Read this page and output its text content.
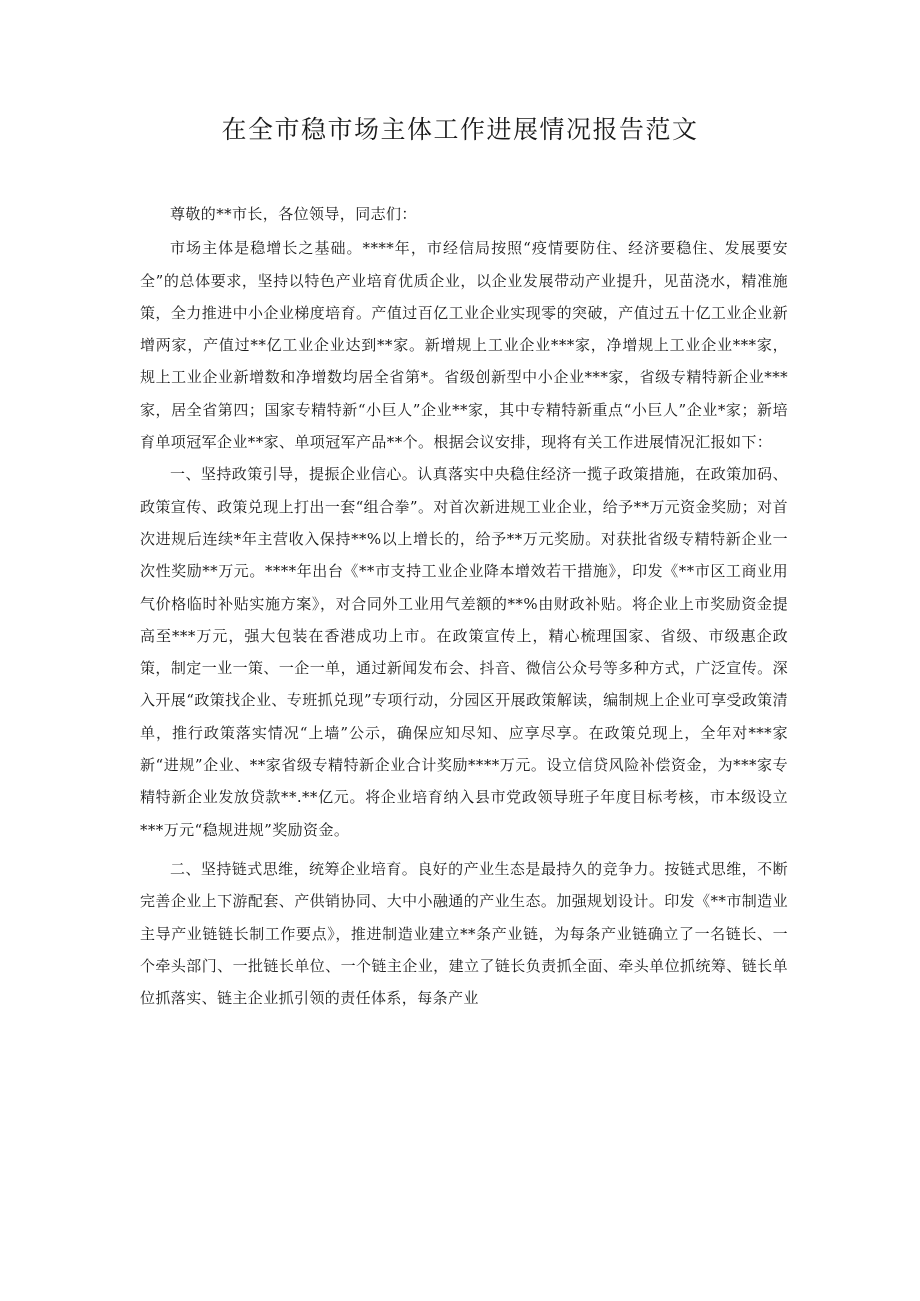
在全市稳市场主体工作进展情况报告范文

尊敬的**市长，各位领导，同志们：

市场主体是稳增长之基础。****年，市经信局按照“疫情要防住、经济要稳住、发展要安全”的总体要求，坚持以特色产业培育优质企业，以企业发展带动产业提升，见苗浇水，精准施策，全力推进中小企业梯度培育。产值过百亿工业企业实现零的突破，产值过五十亿工业企业新增两家，产值过**亿工业企业达到**家。新增规上工业企业***家，净增规上工业企业***家，规上工业企业新增数和净增数均居全省第*。省级创新型中小企业***家，省级专精特新企业***家，居全省第四；国家专精特新“小巨人”企业**家，其中专精特新重点“小巨人”企业*家；新培育单项冠军企业**家、单项冠军产品**个。根据会议安排，现将有关工作进展情况汇报如下：

一、坚持政策引导，提振企业信心。认真落实中央稳住经济一揽子政策措施，在政策加码、政策宣传、政策兑现上打出一套“组合拳”。对首次新进规工业企业，给予**万元资金奖励；对首次进规后连续*年主营收入保持**%以上增长的，给予**万元奖励。对获批省级专精特新企业一次性奖励**万元。****年出台《**市支持工业企业降本增效若干措施》，印发《**市区工商业用气价格临时补贴实施方案》，对合同外工业用气差额的**%由财政补贴。将企业上市奖励资金提高至***万元，强大包装在香港成功上市。在政策宣传上，精心梳理国家、省级、市级惠企政策，制定一业一策、一企一单，通过新闻发布会、抖音、微信公众号等多种方式，广泛宣传。深入开展“政策找企业、专班抓兑现”专项行动，分园区开展政策解读，编制规上企业可享受政策清单，推行政策落实情况“上墙”公示，确保应知尽知、应享尽享。在政策兑现上，全年对***家新“进规”企业、**家省级专精特新企业合计奖励****万元。设立信贷风险补偿资金，为***家专精特新企业发放贷款**.**亿元。将企业培育纳入县市党政领导班子年度目标考核，市本级设立***万元“稳规进规”奖励资金。

二、坚持链式思维，统筹企业培育。良好的产业生态是最持久的竞争力。按链式思维，不断完善企业上下游配套、产供销协同、大中小融通的产业生态。加强规划设计。印发《**市制造业主导产业链链长制工作要点》，推进制造业建立**条产业链，为每条产业链确立了一名链长、一个牵头部门、一批链长单位、一个链主企业，建立了链长负责抓全面、牵头单位抓统筹、链长单位抓落实、链主企业抓引领的责任体系，每条产业
